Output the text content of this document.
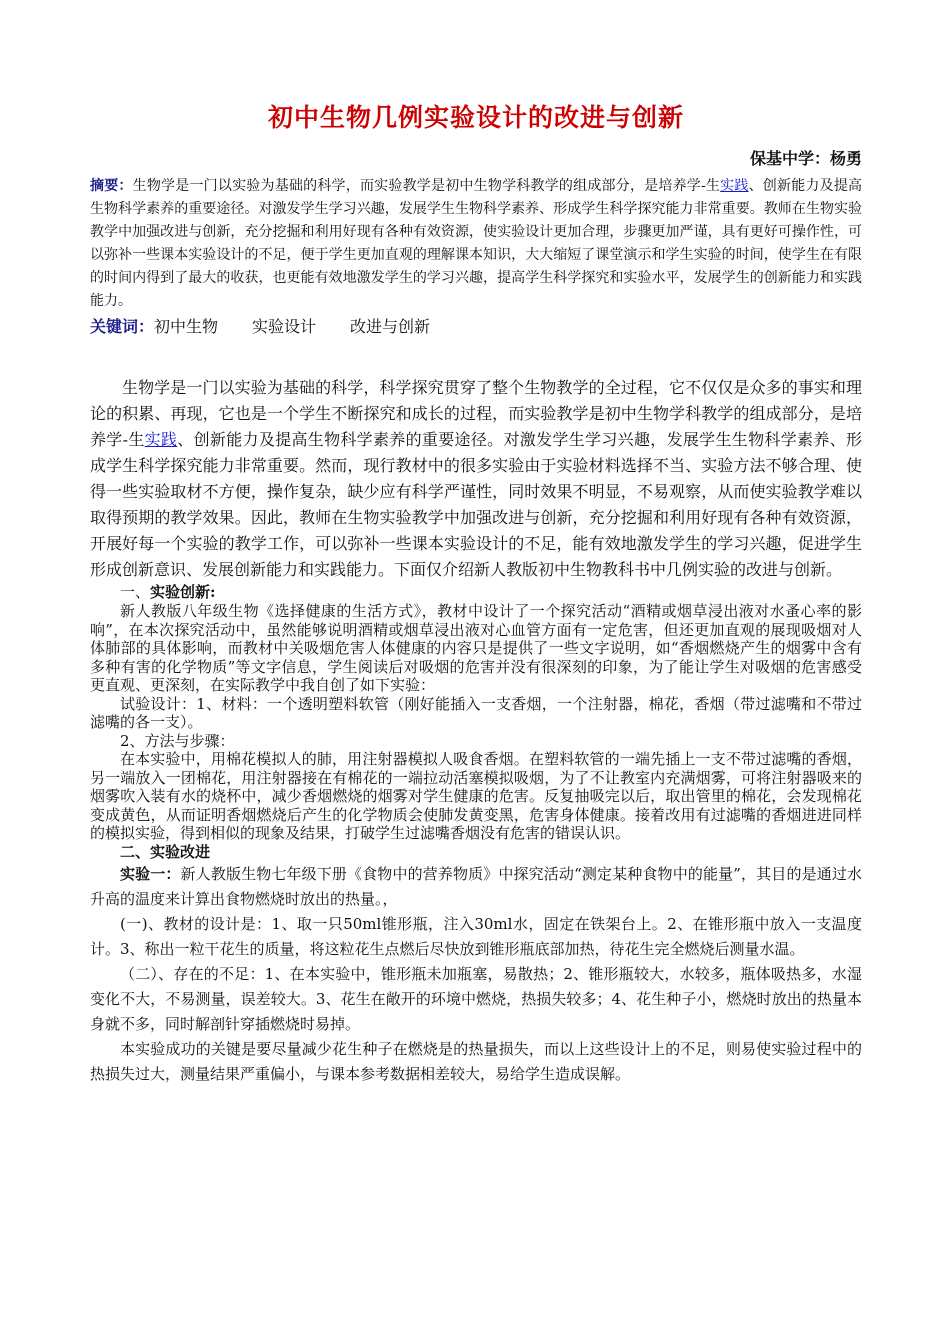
初中生物几例实验设计的改进与创新
保基中学：杨勇

摘要：生物学是一门以实验为基础的科学，而实验教学是初中生物学科教学的组成部分，是培养学-生实践、创新能力及提高生物科学素养的重要途径。对激发学生学习兴趣，发展学生生物科学素养、形成学生科学探究能力非常重要。教师在生物实验教学中加强改进与创新，充分挖掘和利用好现有各种有效资源，使实验设计更加合理，步骤更加严谨，具有更好可操作性，可以弥补一些课本实验设计的不足，便于学生更加直观的理解课本知识，大大缩短了课堂演示和学生实验的时间，使学生在有限的时间内得到了最大的收获，也更能有效地激发学生的学习兴趣，提高学生科学探究和实验水平，发展学生的创新能力和实践能力。

关键词：初中生物 实验设计 改进与创新

生物学是一门以实验为基础的科学，科学探究贯穿了整个生物教学的全过程，它不仅仅是众多的事实和理论的积累、再现，它也是一个学生不断探究和成长的过程，而实验教学是初中生物学科教学的组成部分，是培养学-生实践、创新能力及提高生物科学素养的重要途径。对激发学生学习兴趣，发展学生生物科学素养、形成学生科学探究能力非常重要。然而，现行教材中的很多实验由于实验材料选择不当、实验方法不够合理、使得一些实验取材不方便，操作复杂，缺少应有科学严谨性，同时效果不明显，不易观察，从而使实验教学难以取得预期的教学效果。因此，教师在生物实验教学中加强改进与创新，充分挖掘和利用好现有各种有效资源，开展好每一个实验的教学工作，可以弥补一些课本实验设计的不足，能有效地激发学生的学习兴趣，促进学生形成创新意识、发展创新能力和实践能力。下面仅介绍新人教版初中生物教科书中几例实验的改进与创新。

一、实验创新:

新人教版八年级生物《选择健康的生活方式》，教材中设计了一个探究活动“酒精或烟草浸出液对水蚤心率的影响”，在本次探究活动中，虽然能够说明酒精或烟草浸出液对心血管方面有一定危害，但还更加直观的展现吸烟对人体肺部的具体影响，而教材中关吸烟危害人体健康的内容只是提供了一些文字说明，如“香烟燃烧产生的烟雾中含有多种有害的化学物质”等文字信息，学生阅读后对吸烟的危害并没有很深刻的印象，为了能让学生对吸烟的危害感受更直观、更深刻，在实际教学中我自创了如下实验：

试验设计：1、材料：一个透明塑料软管（刚好能插入一支香烟，一个注射器，棉花，香烟（带过滤嘴和不带过滤嘴的各一支）。

2、方法与步骤：

在本实验中，用棉花模拟人的肺，用注射器模拟人吸食香烟。在塑料软管的一端先插上一支不带过滤嘴的香烟，另一端放入一团棉花，用注射器接在有棉花的一端拉动活塞模拟吸烟，为了不让教室内充满烟雾，可将注射器吸来的烟雾吹入装有水的烧杯中，减少香烟燃烧的烟雾对学生健康的危害。反复抽吸完以后，取出管里的棉花，会发现棉花变成黄色，从而证明香烟燃烧后产生的化学物质会使肺发黄变黑，危害身体健康。接着改用有过滤嘴的香烟进进同样的模拟实验，得到相似的现象及结果，打破学生过滤嘴香烟没有危害的错误认识。

二、实验改进

实验一：新人教版生物七年级下册《食物中的营养物质》中探究活动“测定某种食物中的能量”，其目的是通过水升高的温度来计算出食物燃烧时放出的热量。，

(一)、教材的设计是：1、取一只50ml锥形瓶，注入30ml水，固定在铁架台上。2、在锥形瓶中放入一支温度计。3、称出一粒干花生的质量，将这粒花生点燃后尽快放到锥形瓶底部加热，待花生完全燃烧后测量水温。

（二）、存在的不足：1、在本实验中，锥形瓶未加瓶塞，易散热；2、锥形瓶较大，水较多，瓶体吸热多，水湿变化不大，不易测量，误差较大。3、花生在敞开的环境中燃烧，热损失较多；4、花生种子小，燃烧时放出的热量本身就不多，同时解剖针穿插燃烧时易掉。

本实验成功的关键是要尽量减少花生种子在燃烧是的热量损失，而以上这些设计上的不足，则易使实验过程中的热损失过大，测量结果严重偏小，与课本参考数据相差较大，易给学生造成误解。
